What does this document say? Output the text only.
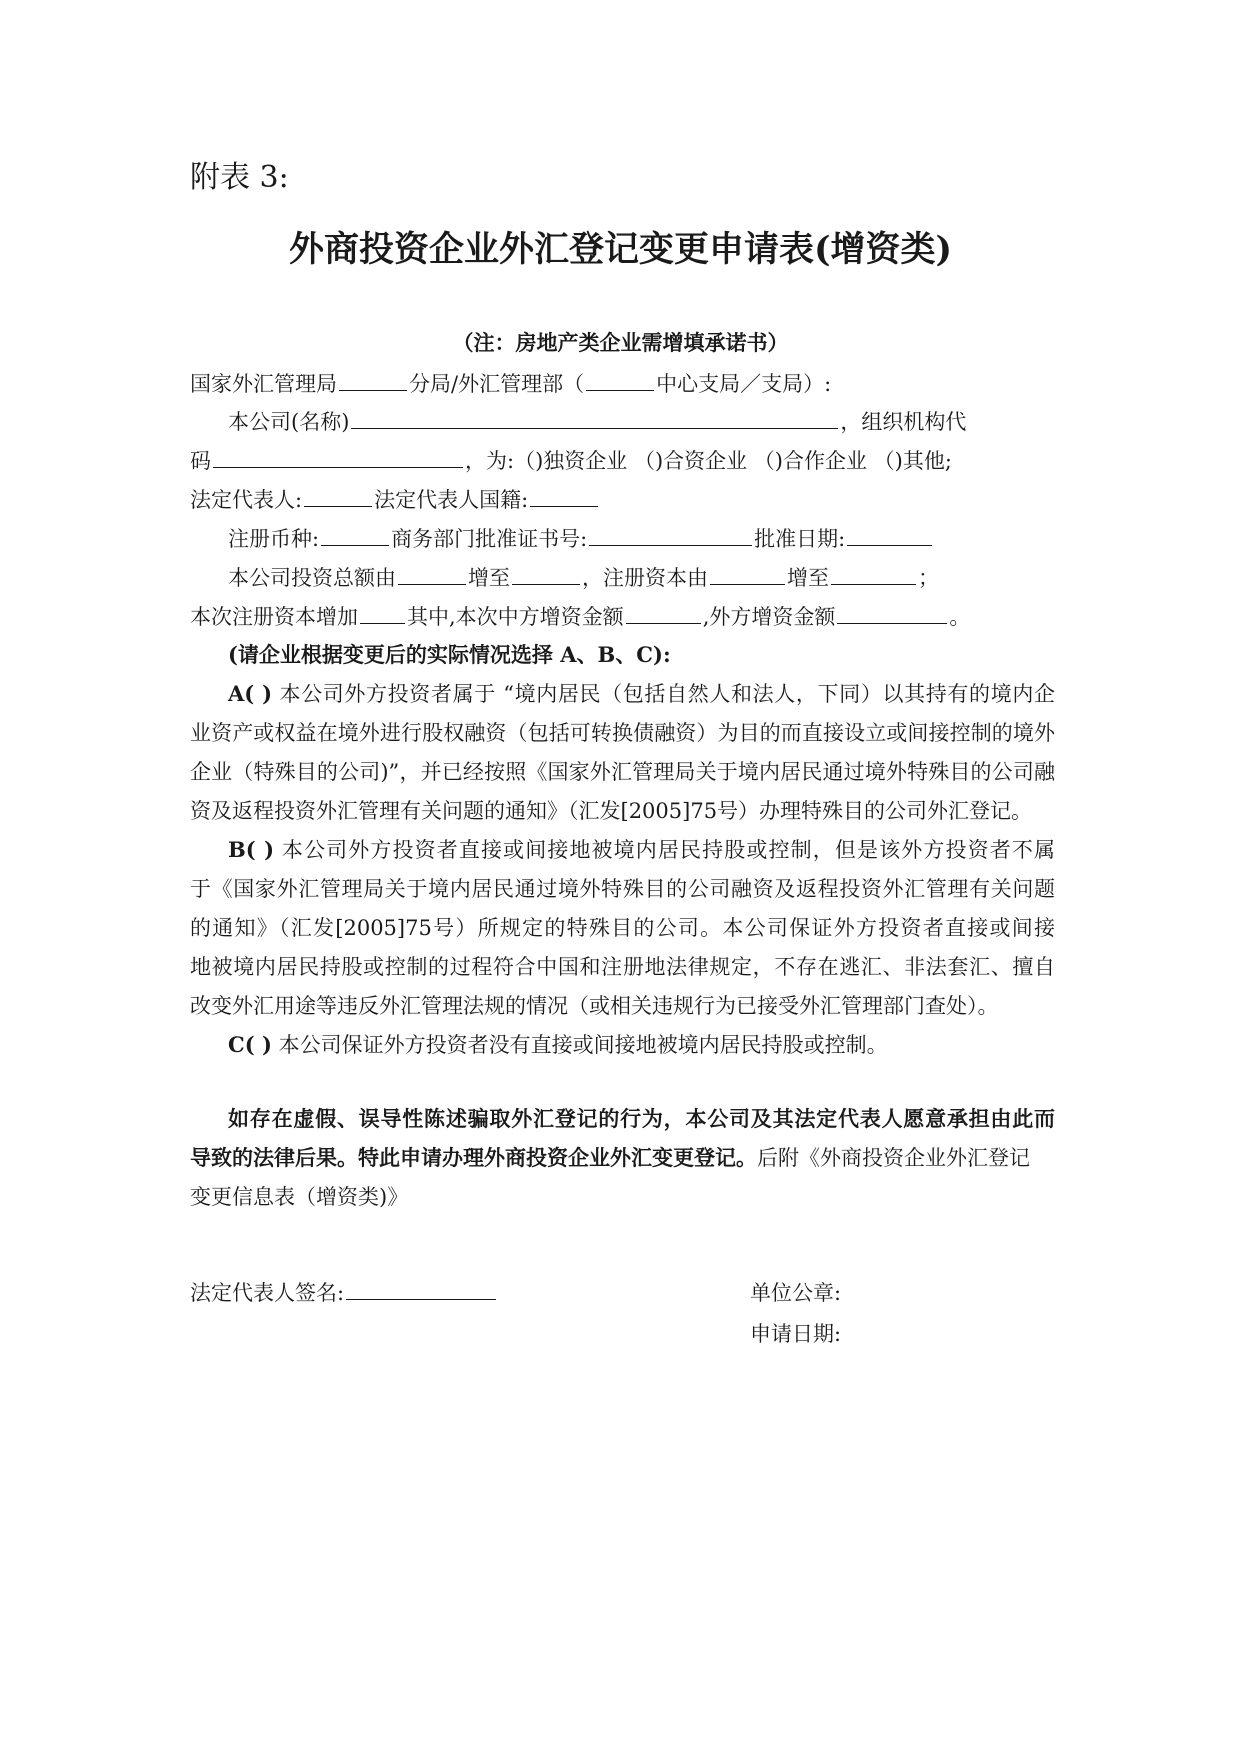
附表 3:
外商投资企业外汇登记变更申请表(增资类)
（注：房地产类企业需增填承诺书）
国家外汇管理局	分局/外汇管理部（	中心支局／支局）:
本公司(名称)	，组织机构代
码	，为:（)独资企业 （)合资企业 （)合作企业 （)其他;
法定代表人:	法定代表人国籍:
注册币种:	商务部门批准证书号:	批准日期:
本公司投资总额由	增至	，注册资本由	增至	；
本次注册资本增加 其中,本次中方增资金额	,外方增资金额	。
(请企业根据变更后的实际情况选择 A、B、C):
A( ) 本公司外方投资者属于 “境内居民（包括自然人和法人，下同）以其持有的境内企
业资产或权益在境外进行股权融资（包括可转换债融资）为目的而直接设立或间接控制的境外
企业（特殊目的公司)”，并已经按照《国家外汇管理局关于境内居民通过境外特殊目的公司融
资及返程投资外汇管理有关问题的通知》（汇发[2005]75号）办理特殊目的公司外汇登记。
B( ) 本公司外方投资者直接或间接地被境内居民持股或控制，但是该外方投资者不属
于《国家外汇管理局关于境内居民通过境外特殊目的公司融资及返程投资外汇管理有关问题
的通知》（汇发[2005]75号）所规定的特殊目的公司。本公司保证外方投资者直接或间接
地被境内居民持股或控制的过程符合中国和注册地法律规定，不存在逃汇、非法套汇、擅自
改变外汇用途等违反外汇管理法规的情况（或相关违规行为已接受外汇管理部门查处）。
C( ) 本公司保证外方投资者没有直接或间接地被境内居民持股或控制。
如存在虚假、误导性陈述骗取外汇登记的行为，本公司及其法定代表人愿意承担由此而
导致的法律后果。特此申请办理外商投资企业外汇变更登记。后附《外商投资企业外汇登记
变更信息表（增资类)》
法定代表人签名:	单位公章:
申请日期:
